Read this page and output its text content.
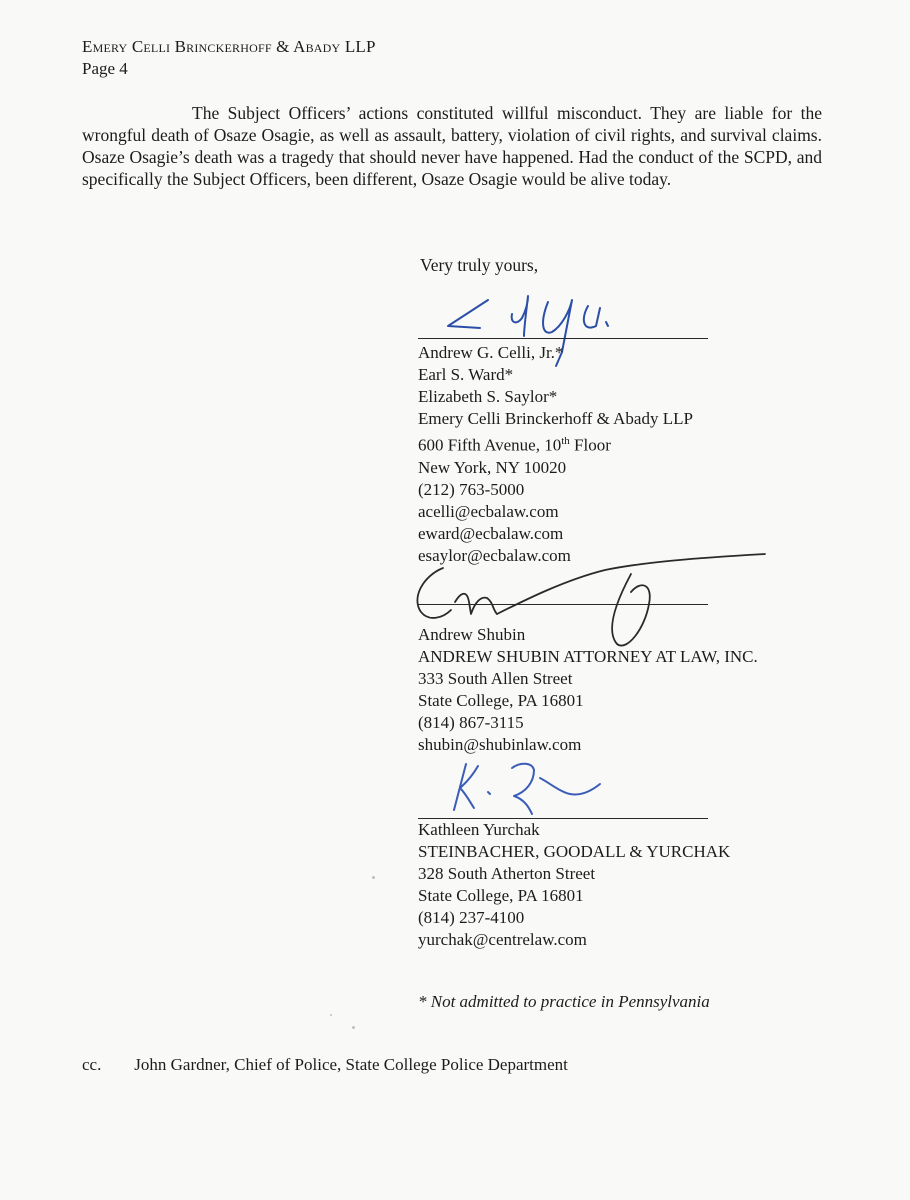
Emery Celli Brinckerhoff & Abady LLP
Page 4
The Subject Officers’ actions constituted willful misconduct. They are liable for the wrongful death of Osaze Osagie, as well as assault, battery, violation of civil rights, and survival claims. Osaze Osagie’s death was a tragedy that should never have happened. Had the conduct of the SCPD, and specifically the Subject Officers, been different, Osaze Osagie would be alive today.
Very truly yours,
Andrew G. Celli, Jr.*
Earl S. Ward*
Elizabeth S. Saylor*
Emery Celli Brinckerhoff & Abady LLP
600 Fifth Avenue, 10th Floor
New York, NY 10020
(212) 763-5000
acelli@ecbalaw.com
eward@ecbalaw.com
esaylor@ecbalaw.com
Andrew Shubin
ANDREW SHUBIN ATTORNEY AT LAW, INC.
333 South Allen Street
State College, PA 16801
(814) 867-3115
shubin@shubinlaw.com
Kathleen Yurchak
STEINBACHER, GOODALL & YURCHAK
328 South Atherton Street
State College, PA 16801
(814) 237-4100
yurchak@centrelaw.com
* Not admitted to practice in Pennsylvania
cc. John Gardner, Chief of Police, State College Police Department
